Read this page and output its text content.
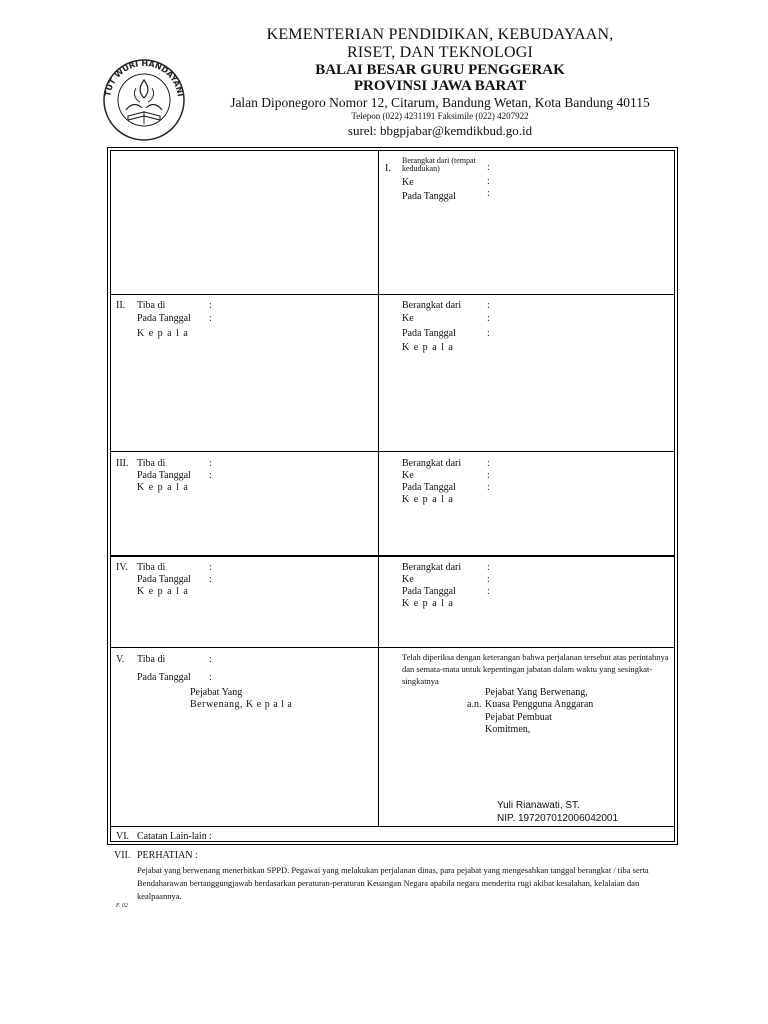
TUT WURI HANDAYANI
KEMENTERIAN PENDIDIKAN, KEBUDAYAAN,
RISET, DAN TEKNOLOGI
BALAI BESAR GURU PENGGERAK
PROVINSI JAWA BARAT
Jalan Diponegoro Nomor 12, Citarum, Bandung Wetan, Kota Bandung 40115
Telepon (022) 4231191 Faksimile (022) 4207922
surel: bbgpjabar@kemdikbud.go.id
I.
Berangkat dari (tempat kedudukan)	:
Ke	:
Pada Tanggal	:
II. Tiba di	:
Pada Tanggal :
K e p a l a
Berangkat dari	:
Ke	:
Pada Tanggal	:
K e p a l a
III. Tiba di	:
Pada Tanggal :
K e p a l a
Berangkat dari	:
Ke	:
Pada Tanggal	:
K e p a l a
IV. Tiba di	:
Pada Tanggal :
K e p a l a
Berangkat dari	:
Ke	:
Pada Tanggal	:
K e p a l a
V. Tiba di	:
Pada Tanggal :
Pejabat Yang
Berwenang, K e p a l a
Telah diperiksa dengan keterangan bahwa perjalanan tersebut atas perintahnya
dan semata-mata untuk kepentingan jabatan dalam waktu yang sesingkat-
singkatnya
Pejabat Yang Berwenang,
a.n. Kuasa Pengguna Anggaran
Pejabat Pembuat
Komitmen,
Yuli Rianawati, ST.
NIP. 197207012006042001
VI. Catatan Lain-lain :
VII. PERHATIAN :
Pejabat yang berwenang menerbitkan SPPD. Pegawai yang melakukan perjalanan dinas, para pejabat yang mengesahkan tanggal berangkat / tiba serta
Bendaharawan bertanggungjawab berdasarkan peraturan-peraturan Keuangan Negara apabila negara menderita rugi akibat kesalahan, kelalaian dan
kealpaannya.
F. 02
